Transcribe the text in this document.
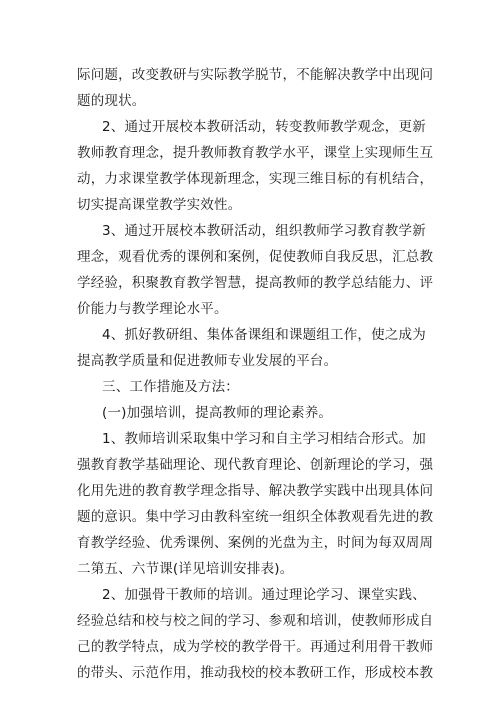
际问题，改变教研与实际教学脱节，不能解决教学中出现问
题的现状。
2、通过开展校本教研活动，转变教师教学观念，更新
教师教育理念，提升教师教育教学水平，课堂上实现师生互
动，力求课堂教学体现新理念，实现三维目标的有机结合，
切实提高课堂教学实效性。
3、通过开展校本教研活动，组织教师学习教育教学新
理念，观看优秀的课例和案例，促使教师自我反思，汇总教
学经验，积聚教育教学智慧，提高教师的教学总结能力、评
价能力与教学理论水平。
4、抓好教研组、集体备课组和课题组工作，使之成为
提高教学质量和促进教师专业发展的平台。
三、工作措施及方法：
(一)加强培训，提高教师的理论素养。
1、教师培训采取集中学习和自主学习相结合形式。加
强教育教学基础理论、现代教育理论、创新理论的学习，强
化用先进的教育教学理念指导、解决教学实践中出现具体问
题的意识。集中学习由教科室统一组织全体教观看先进的教
育教学经验、优秀课例、案例的光盘为主，时间为每双周周
二第五、六节课(详见培训安排表)。
2、加强骨干教师的培训。通过理论学习、课堂实践、
经验总结和校与校之间的学习、参观和培训，使教师形成自
己的教学特点，成为学校的教学骨干。再通过利用骨干教师
的带头、示范作用，推动我校的校本教研工作，形成校本教
